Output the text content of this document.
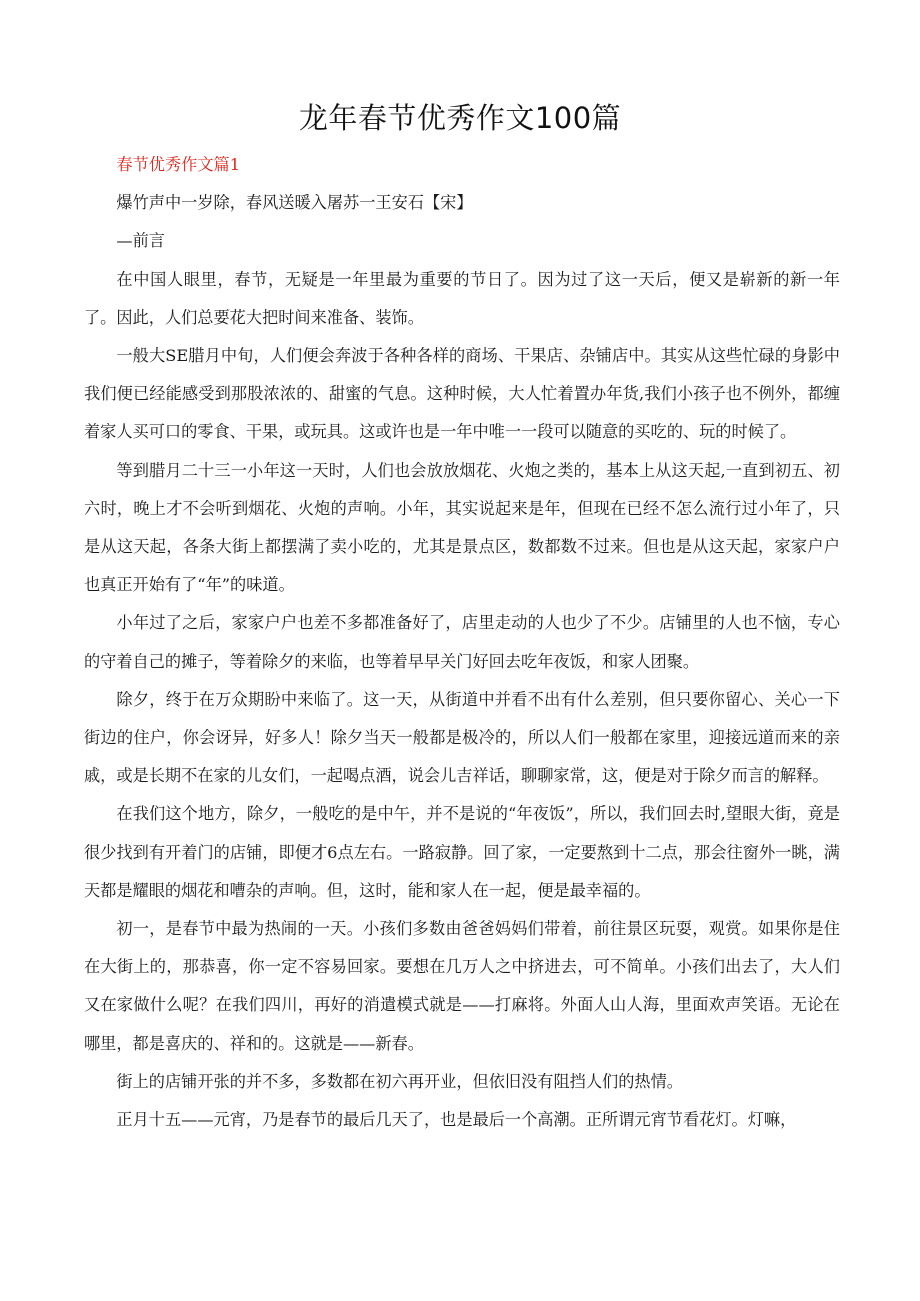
龙年春节优秀作文100篇

春节优秀作文篇1

爆竹声中一岁除，春风送暖入屠苏一王安石【宋】

—前言

在中国人眼里，春节，无疑是一年里最为重要的节日了。因为过了这一天后，便又是崭新的新一年了。因此，人们总要花大把时间来准备、装饰。

一般大SE腊月中旬，人们便会奔波于各种各样的商场、干果店、杂铺店中。其实从这些忙碌的身影中我们便已经能感受到那股浓浓的、甜蜜的气息。这种时候，大人忙着置办年货,我们小孩子也不例外，都缠着家人买可口的零食、干果，或玩具。这或许也是一年中唯一一段可以随意的买吃的、玩的时候了。

等到腊月二十三一小年这一天时，人们也会放放烟花、火炮之类的，基本上从这天起,一直到初五、初六时，晚上才不会听到烟花、火炮的声响。小年，其实说起来是年，但现在已经不怎么流行过小年了，只是从这天起，各条大街上都摆满了卖小吃的，尤其是景点区，数都数不过来。但也是从这天起，家家户户也真正开始有了“年”的味道。

小年过了之后，家家户户也差不多都准备好了，店里走动的人也少了不少。店铺里的人也不恼，专心的守着自己的摊子，等着除夕的来临，也等着早早关门好回去吃年夜饭，和家人团聚。

除夕，终于在万众期盼中来临了。这一天，从街道中并看不出有什么差别，但只要你留心、关心一下街边的住户，你会讶异，好多人！除夕当天一般都是极冷的，所以人们一般都在家里，迎接远道而来的亲戚，或是长期不在家的儿女们，一起喝点酒，说会儿吉祥话，聊聊家常，这，便是对于除夕而言的解释。

在我们这个地方，除夕，一般吃的是中午，并不是说的“年夜饭”，所以，我们回去时,望眼大街，竟是很少找到有开着门的店铺，即便才6点左右。一路寂静。回了家，一定要熬到十二点，那会往窗外一眺，满天都是耀眼的烟花和嘈杂的声响。但，这时，能和家人在一起，便是最幸福的。

初一，是春节中最为热闹的一天。小孩们多数由爸爸妈妈们带着，前往景区玩耍，观赏。如果你是住在大街上的，那恭喜，你一定不容易回家。要想在几万人之中挤进去，可不简单。小孩们出去了，大人们又在家做什么呢？在我们四川，再好的消遣模式就是——打麻将。外面人山人海，里面欢声笑语。无论在哪里，都是喜庆的、祥和的。这就是——新春。

街上的店铺开张的并不多，多数都在初六再开业，但依旧没有阻挡人们的热情。

正月十五——元宵，乃是春节的最后几天了，也是最后一个高潮。正所谓元宵节看花灯。灯嘛，
